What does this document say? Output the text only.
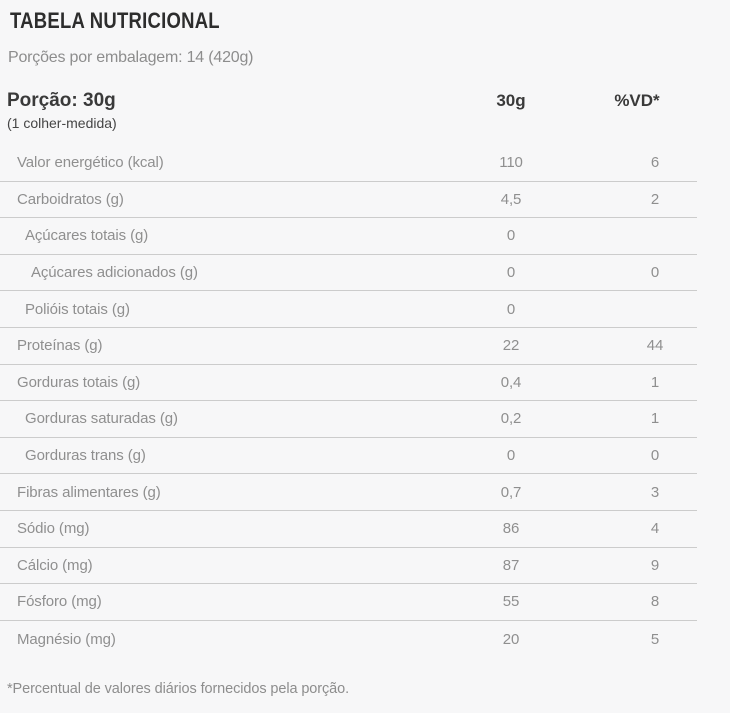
TABELA NUTRICIONAL
Porções por embalagem: 14 (420g)
Porção: 30g
(1 colher-medida)
30g	%VD*
Valor energético (kcal)	110	6
Carboidratos (g)	4,5	2
Açúcares totais (g)	0
Açúcares adicionados (g)	0	0
Polióis totais (g)	0
Proteínas (g)	22	44
Gorduras totais (g)	0,4	1
Gorduras saturadas (g)	0,2	1
Gorduras trans (g)	0	0
Fibras alimentares (g)	0,7	3
Sódio (mg)	86	4
Cálcio (mg)	87	9
Fósforo (mg)	55	8
Magnésio (mg)	20	5
*Percentual de valores diários fornecidos pela porção.
